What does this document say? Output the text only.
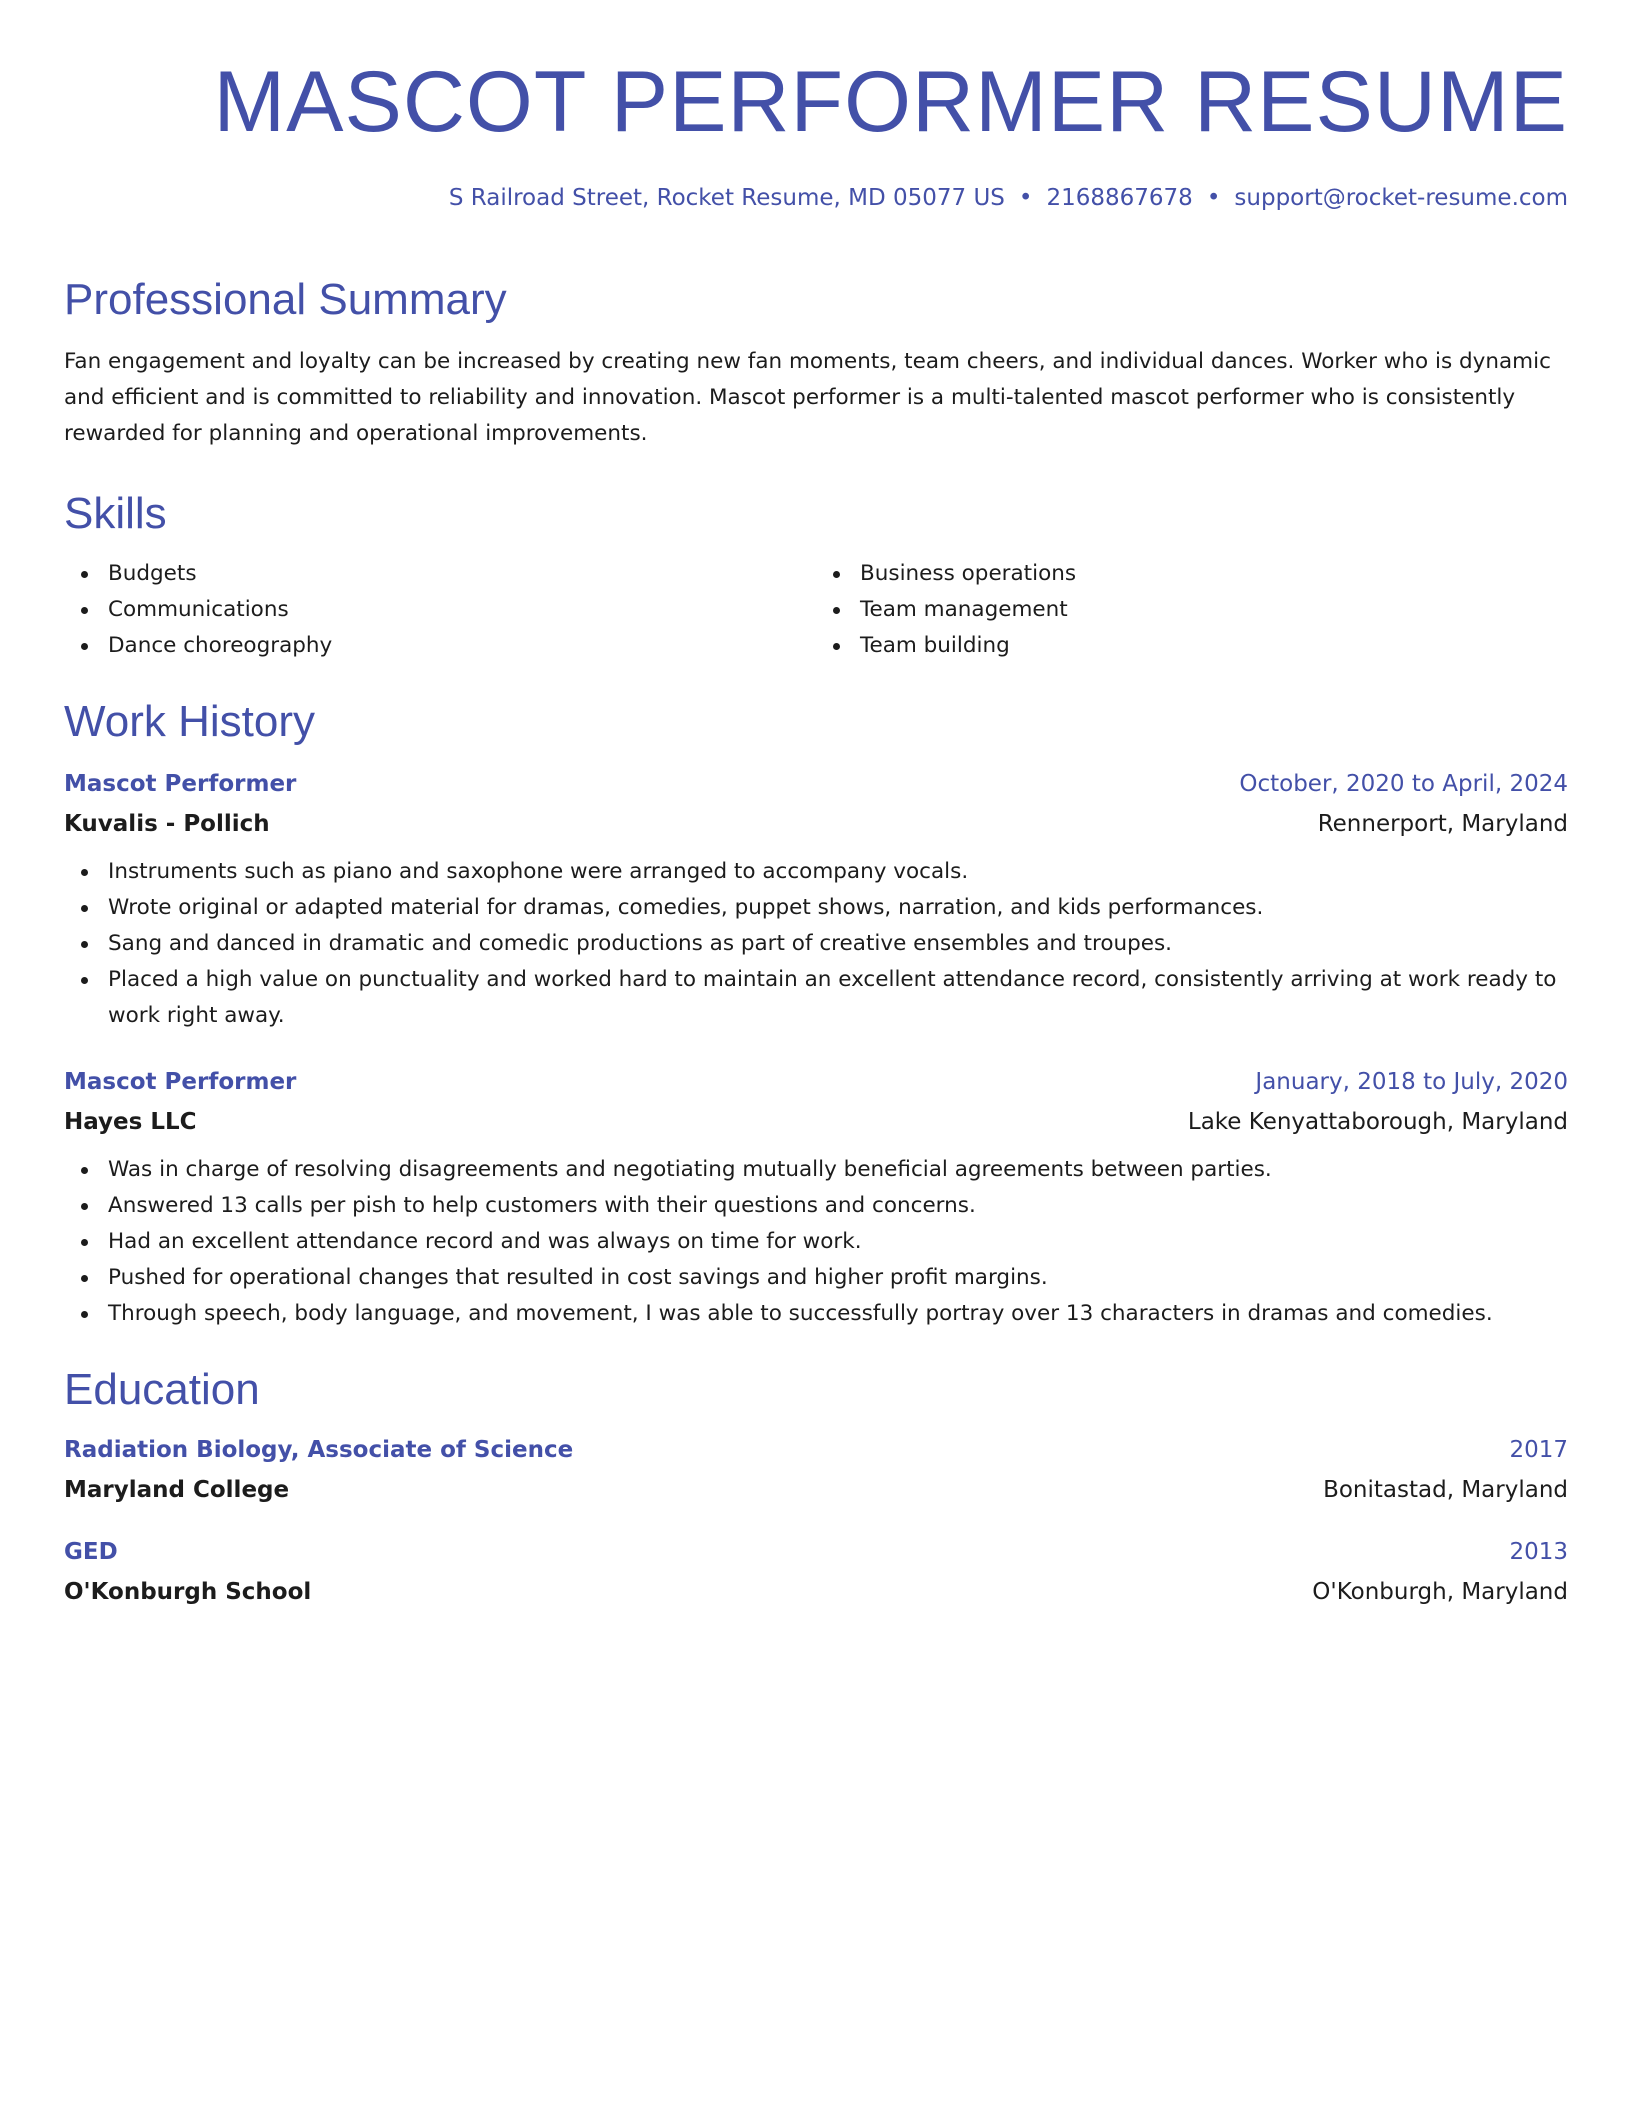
MASCOT PERFORMER RESUME
S Railroad Street, Rocket Resume, MD 05077 US • 2168867678 • support@rocket-resume.com
Professional Summary

Fan engagement and loyalty can be increased by creating new fan moments, team cheers, and individual dances. Worker who is dynamic and efficient and is committed to reliability and innovation. Mascot performer is a multi-talented mascot performer who is consistently rewarded for planning and operational improvements.

Skills
Budgets
Communications
Dance choreography
Business operations
Team management
Team building
Work History
Mascot Performer	October, 2020 to April, 2024
Kuvalis - Pollich	Rennerport, Maryland
Instruments such as piano and saxophone were arranged to accompany vocals.
Wrote original or adapted material for dramas, comedies, puppet shows, narration, and kids performances.
Sang and danced in dramatic and comedic productions as part of creative ensembles and troupes.
Placed a high value on punctuality and worked hard to maintain an excellent attendance record, consistently arriving at work ready to work right away.
Mascot Performer	January, 2018 to July, 2020
Hayes LLC	Lake Kenyattaborough, Maryland
Was in charge of resolving disagreements and negotiating mutually beneficial agreements between parties.
Answered 13 calls per pish to help customers with their questions and concerns.
Had an excellent attendance record and was always on time for work.
Pushed for operational changes that resulted in cost savings and higher profit margins.
Through speech, body language, and movement, I was able to successfully portray over 13 characters in dramas and comedies.
Education
Radiation Biology, Associate of Science	2017
Maryland College	Bonitastad, Maryland
GED	2013
O'Konburgh School	O'Konburgh, Maryland
